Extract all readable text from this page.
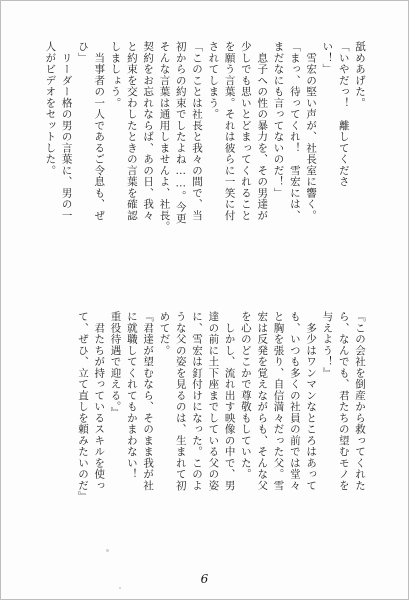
舐めあげた。
「いやだっ！　離してくださ
い！」
　雪宏の堅い声が、社長室に響く。
「まっ、待ってくれ！　雪宏には、
まだなにも言ってないのだ！」
　息子への性の暴力を、その男達が
少しでも思いとどまってくれること
を願う言葉。それは彼らに一笑に付
されてしまう。
「このことは社長と我々の間で、当
初からの約束でしたよね……。今更
そんな言葉は通用しませんよ、社長。
契約をお忘れならば、あの日、我々
と約束を交わしたときの言葉を確認
しましょう。
　当事者の一人であるご令息も、ぜ
ひ」
　リーダー格の男の言葉に、男の一
人がビデオをセットした。
『この会社を倒産から救ってくれた
ら、なんでも、君たちの望むモノを
与えよう！』
　多少はワンマンなところはあって
も、いつも多くの社員の前では堂々
と胸を張り、自信満々だった父。雪
宏は反発を覚えながらも、そんな父
を心のどこかで尊敬もしていた。
　しかし、流れ出す映像の中で、男
達の前に土下座までしている父の姿
に、雪宏は釘付けになった。このよ
うな父の姿を見るのは、生まれて初
めてだ。
『君達が望むなら、そのまま我が社
に就職してくれてもかまわない！
重役待遇で迎える。』
　君たちが持っているスキルを使っ
て、ぜひ、立て直しを頼みたいのだ』
6
